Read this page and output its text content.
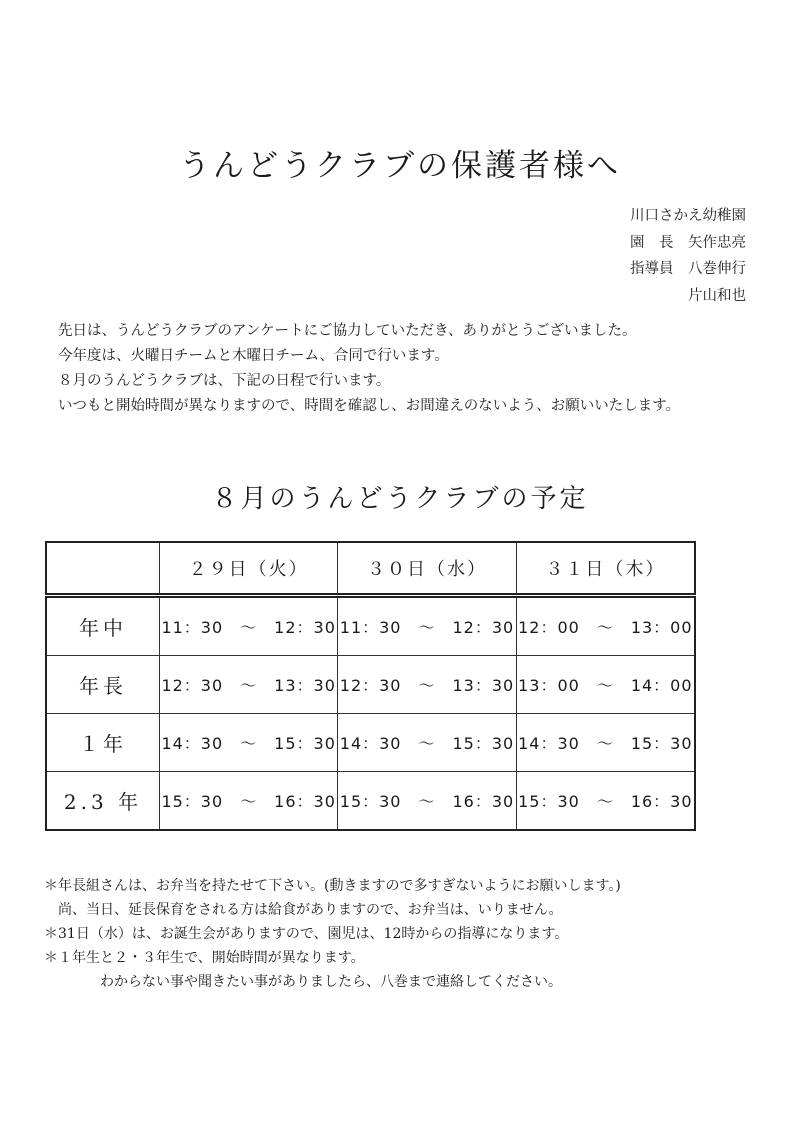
うんどうクラブの保護者様へ
川口さかえ幼稚園
園　長　矢作忠亮
指導員　八巻伸行
　　　　片山和也
先日は、うんどうクラブのアンケートにご協力していただき、ありがとうございました。
今年度は、火曜日チームと木曜日チーム、合同で行います。
８月のうんどうクラブは、下記の日程で行います。
いつもと開始時間が異なりますので、時間を確認し、お間違えのないよう、お願いいたします。
８月のうんどうクラブの予定
	２９日（火）	３０日（水）	３１日（木）
年中	11：30　～　12：30	11：30　～　12：30	12：00　～　13：00
年長	12：30　～　13：30	12：30　～　13：30	13：00　～　14：00
１年	14：30　～　15：30	14：30　～　15：30	14：30　～　15：30
2.3 年	15：30　～　16：30	15：30　～　16：30	15：30　～　16：30
＊年長組さんは、お弁当を持たせて下さい。(動きますので多すぎないようにお願いします。)
尚、当日、延長保育をされる方は給食がありますので、お弁当は、いりません。
＊31日（水）は、お誕生会がありますので、園児は、12時からの指導になります。
＊１年生と２・３年生で、開始時間が異なります。
わからない事や聞きたい事がありましたら、八巻まで連絡してください。
